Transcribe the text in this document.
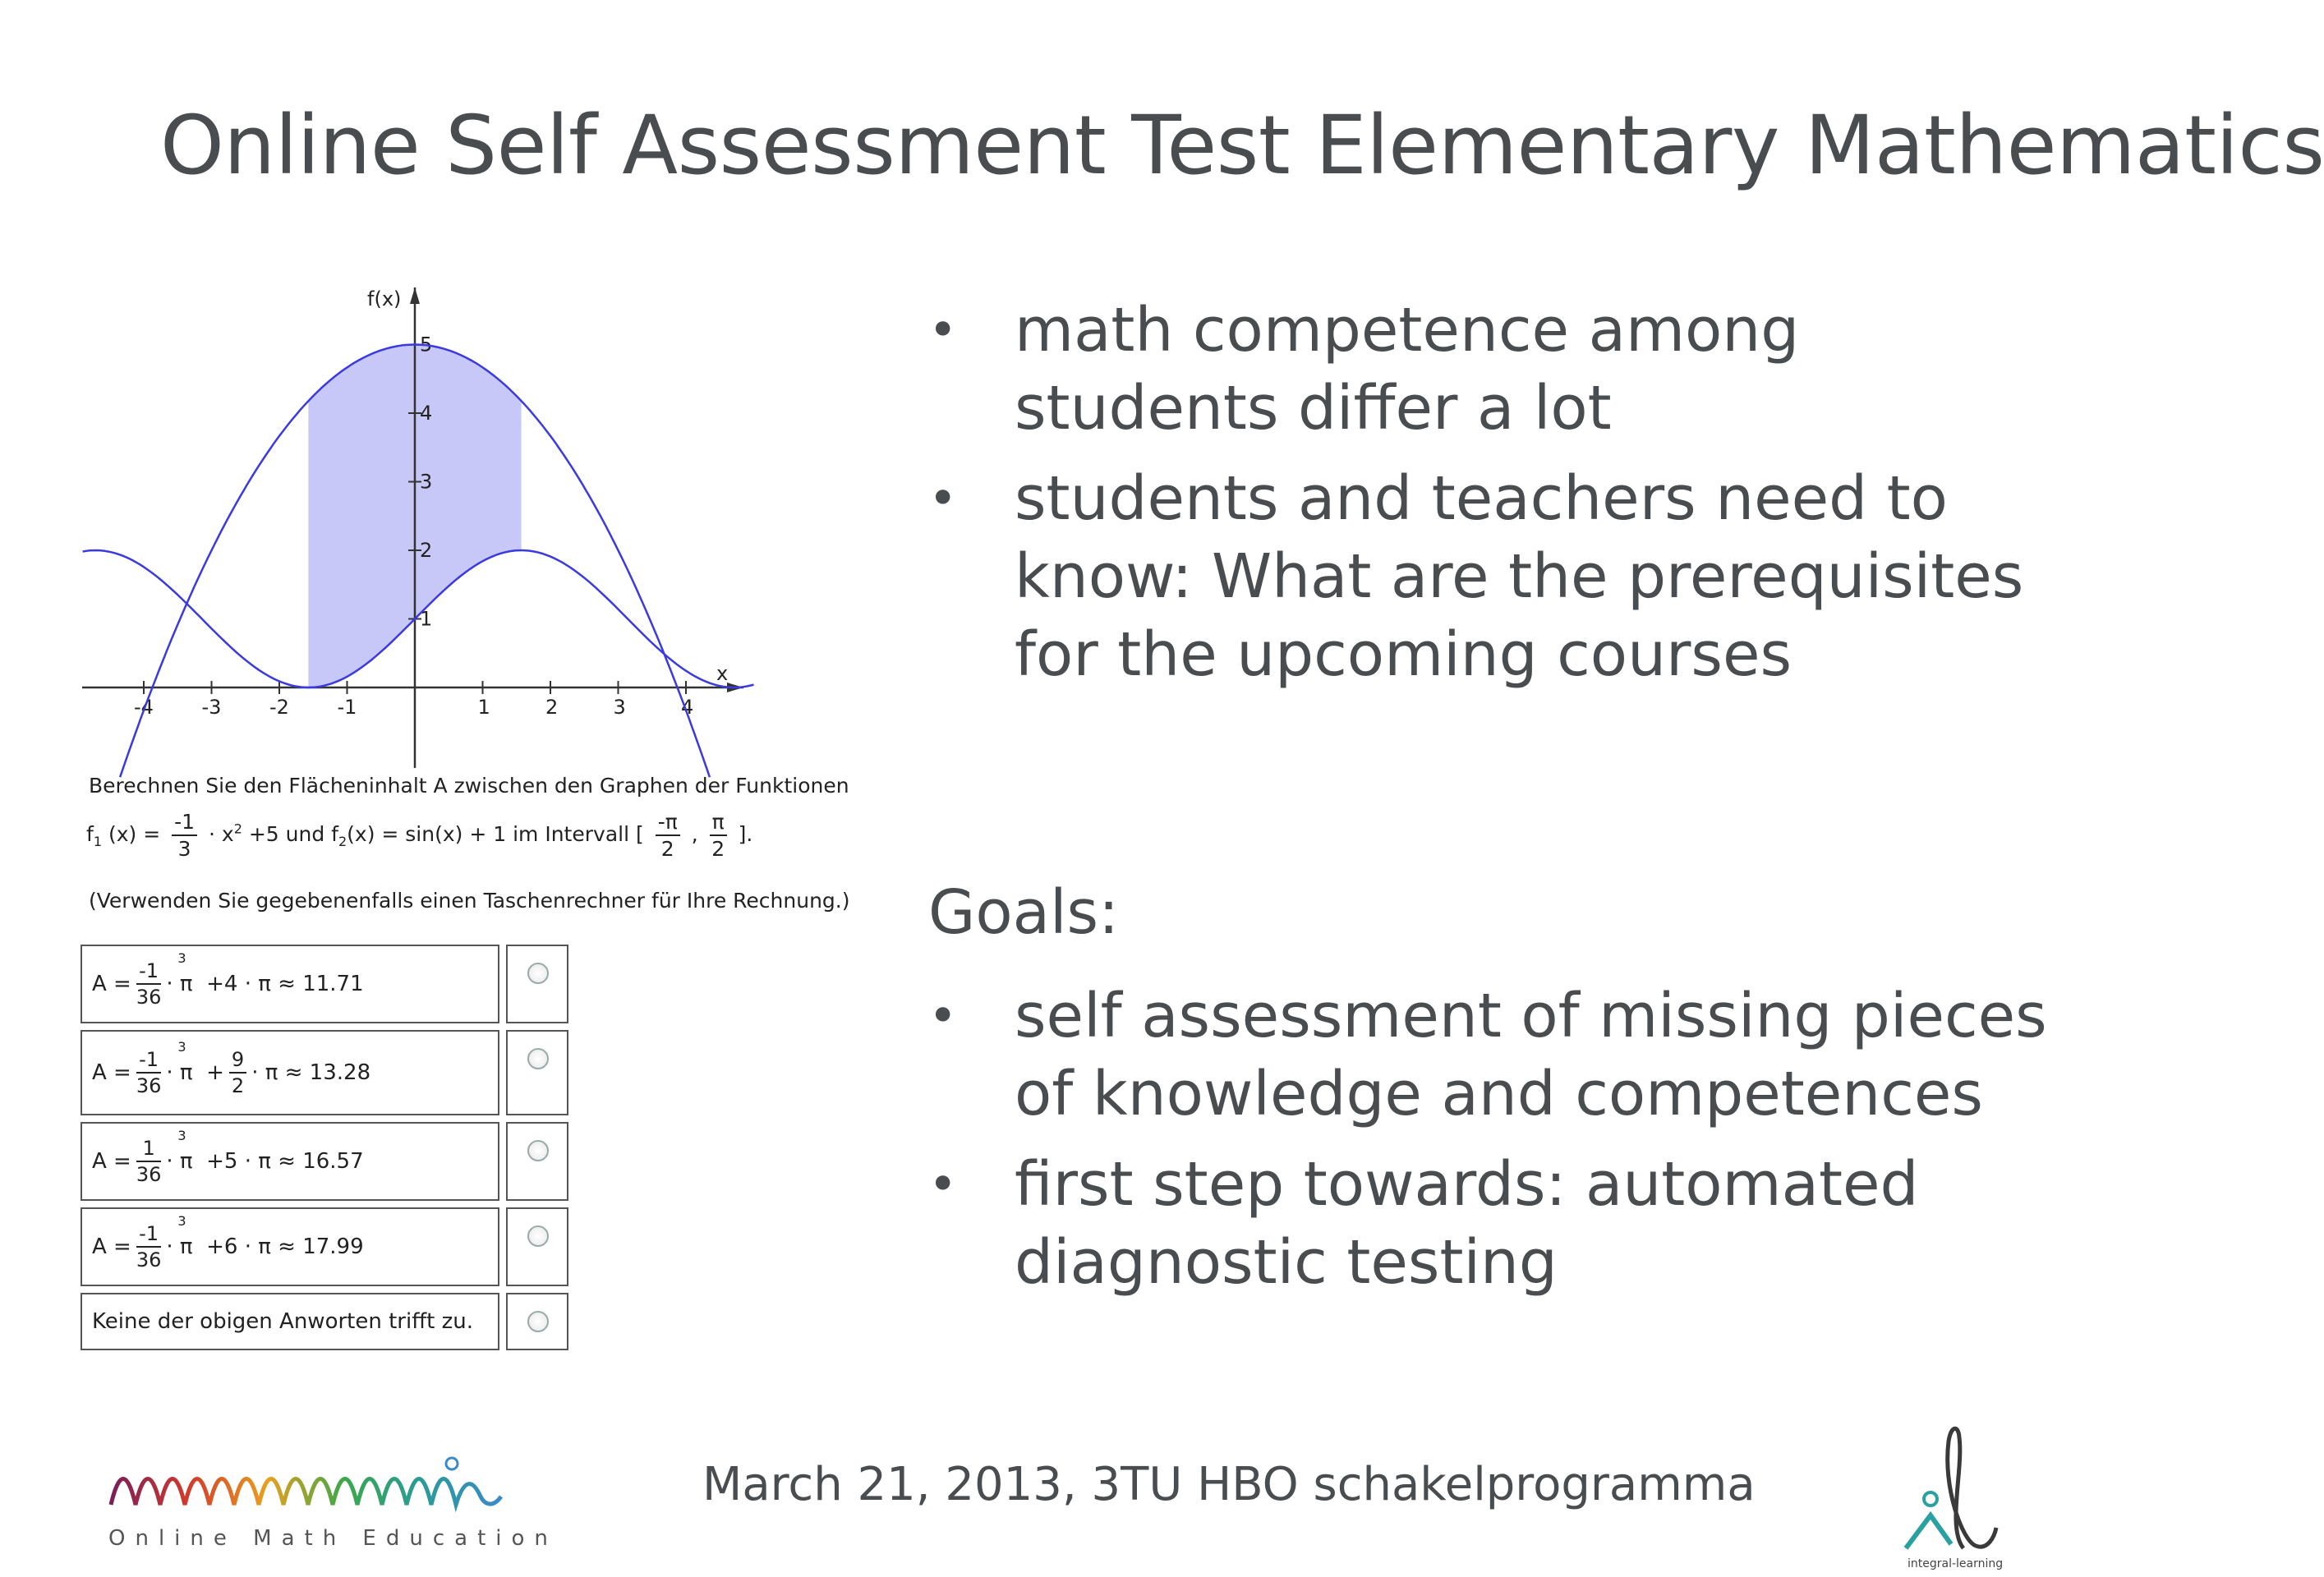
Online Self Assessment Test Elementary Mathematics
-4 -3 -2 -1	1	2	3	4
1
2
3
4
5
f(x)
x
Berechnen Sie den Flächeninhalt A zwischen den Graphen der Funktionen
$f_1$ $(x) = \frac{-1}{3} \cdot x^2 +5$ und $f_2(x) = \sin(x) + 1$ im Intervall [ $\frac{-\pi}{2}$ , $\frac{\pi}{2}$ ].
(Verwenden Sie gegebenenfalls einen Taschenrechner für Ihre Rechnung.)
$A = \frac{-1}{36} \cdot \pi$
3

+4 · π ≈ 11.71
$A = \frac{-1}{36} \cdot \pi$
3

+ $\frac{9}{2} \cdot \pi \approx 13.28$
$A = \frac{1}{36} \cdot \pi$
3

+5 · π ≈ 16.57
$A = \frac{-1}{36} \cdot \pi$
3

+6 · π ≈ 17.99
Keine der obigen Anworten trifft zu.
• math competence among students differ a lot
• students and teachers need to know: What are the prerequisites for the upcoming courses
Goals:
• self assessment of missing pieces of knowledge and competences
• first step towards: automated diagnostic testing
March 21, 2013, 3TU HBO schakelprogramma
Online Math Education
integral-learning
